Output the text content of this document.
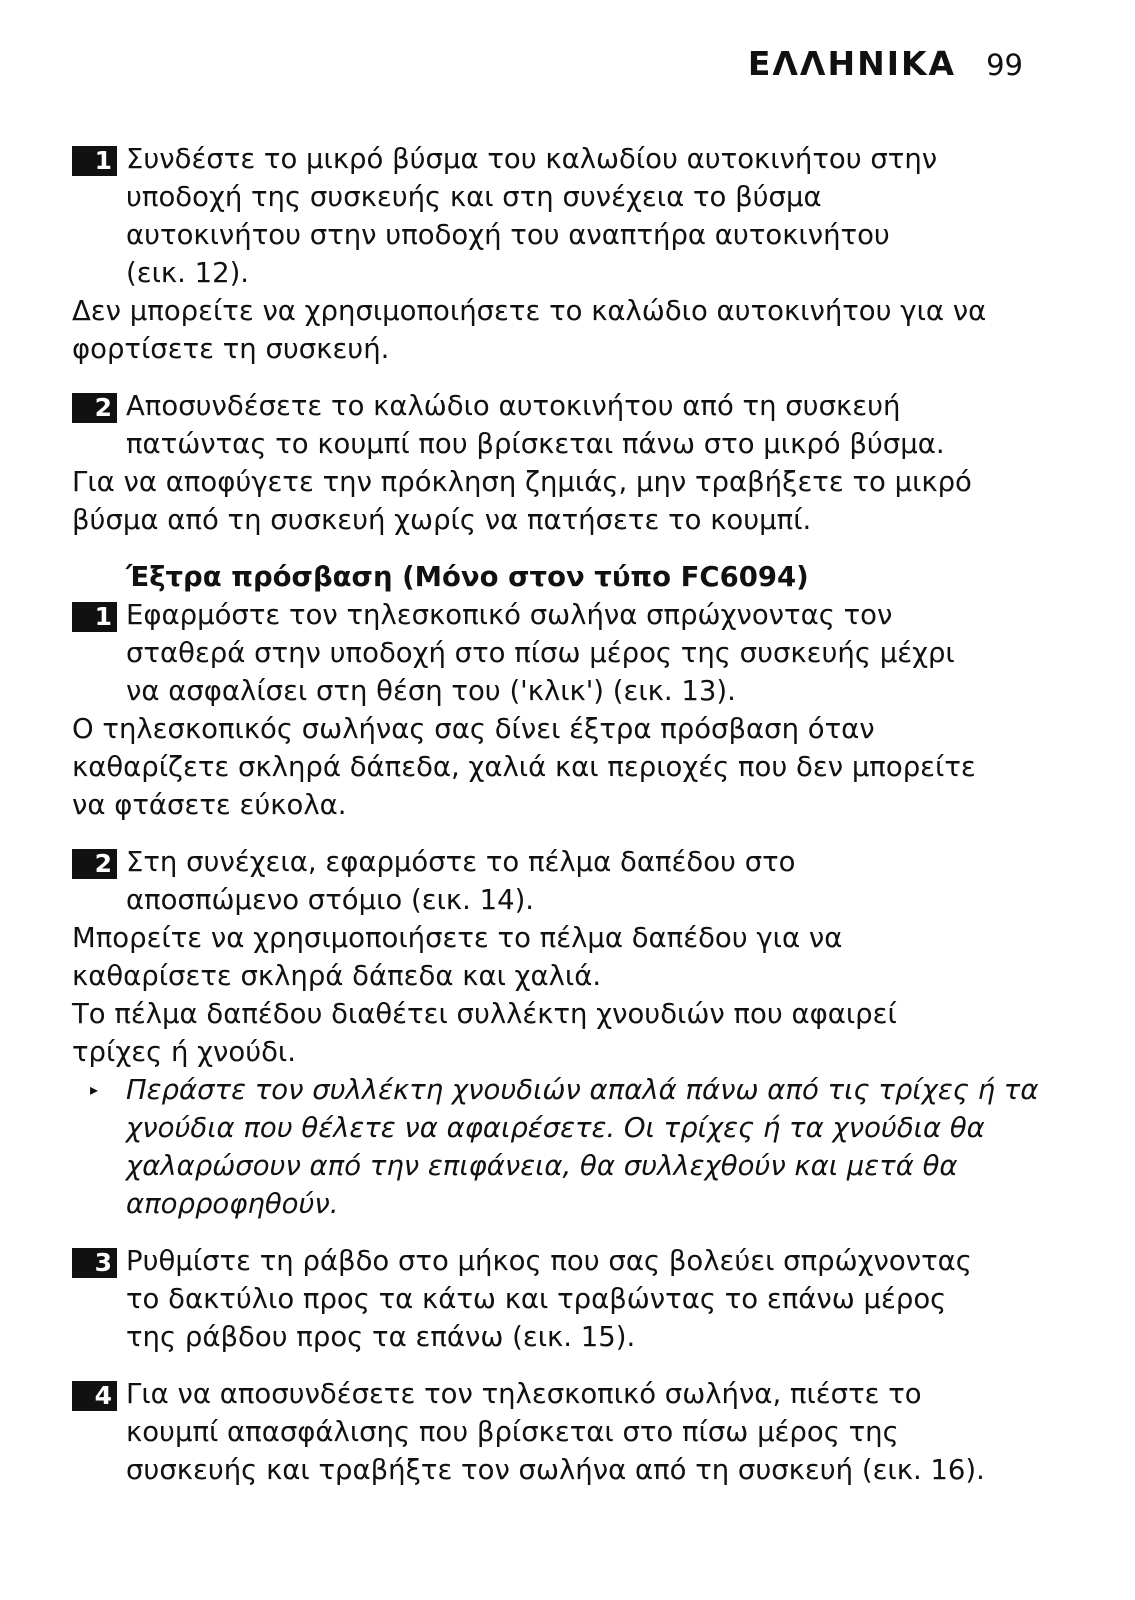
ΕΛΛΗΝΙΚΑ 99
1 Συνδέστε το μικρό βύσμα του καλωδίου αυτοκινήτου στην
υποδοχή της συσκευής και στη συνέχεια το βύσμα
αυτοκινήτου στην υποδοχή του αναπτήρα αυτοκινήτου
(εικ. 12).
Δεν μπορείτε να χρησιμοποιήσετε το καλώδιο αυτοκινήτου για να
φορτίσετε τη συσκευή.
2 Αποσυνδέσετε το καλώδιο αυτοκινήτου από τη συσκευή
πατώντας το κουμπί που βρίσκεται πάνω στο μικρό βύσμα.
Για να αποφύγετε την πρόκληση ζημιάς, μην τραβήξετε το μικρό
βύσμα από τη συσκευή χωρίς να πατήσετε το κουμπί.
Έξτρα πρόσβαση (Μόνο στον τύπο FC6094)
1 Εφαρμόστε τον τηλεσκοπικό σωλήνα σπρώχνοντας τον
σταθερά στην υποδοχή στο πίσω μέρος της συσκευής μέχρι
να ασφαλίσει στη θέση του ('κλικ') (εικ. 13).
Ο τηλεσκοπικός σωλήνας σας δίνει έξτρα πρόσβαση όταν
καθαρίζετε σκληρά δάπεδα, χαλιά και περιοχές που δεν μπορείτε
να φτάσετε εύκολα.
2 Στη συνέχεια, εφαρμόστε το πέλμα δαπέδου στο
αποσπώμενο στόμιο (εικ. 14).
Μπορείτε να χρησιμοποιήσετε το πέλμα δαπέδου για να
καθαρίσετε σκληρά δάπεδα και χαλιά.
Το πέλμα δαπέδου διαθέτει συλλέκτη χνουδιών που αφαιρεί
τρίχες ή χνούδι.
▸ Περάστε τον συλλέκτη χνουδιών απαλά πάνω από τις τρίχες ή τα
χνούδια που θέλετε να αφαιρέσετε. Οι τρίχες ή τα χνούδια θα
χαλαρώσουν από την επιφάνεια, θα συλλεχθούν και μετά θα
απορροφηθούν.
3 Ρυθμίστε τη ράβδο στο μήκος που σας βολεύει σπρώχνοντας
το δακτύλιο προς τα κάτω και τραβώντας το επάνω μέρος
της ράβδου προς τα επάνω (εικ. 15).
4 Για να αποσυνδέσετε τον τηλεσκοπικό σωλήνα, πιέστε το
κουμπί απασφάλισης που βρίσκεται στο πίσω μέρος της
συσκευής και τραβήξτε τον σωλήνα από τη συσκευή (εικ. 16).
